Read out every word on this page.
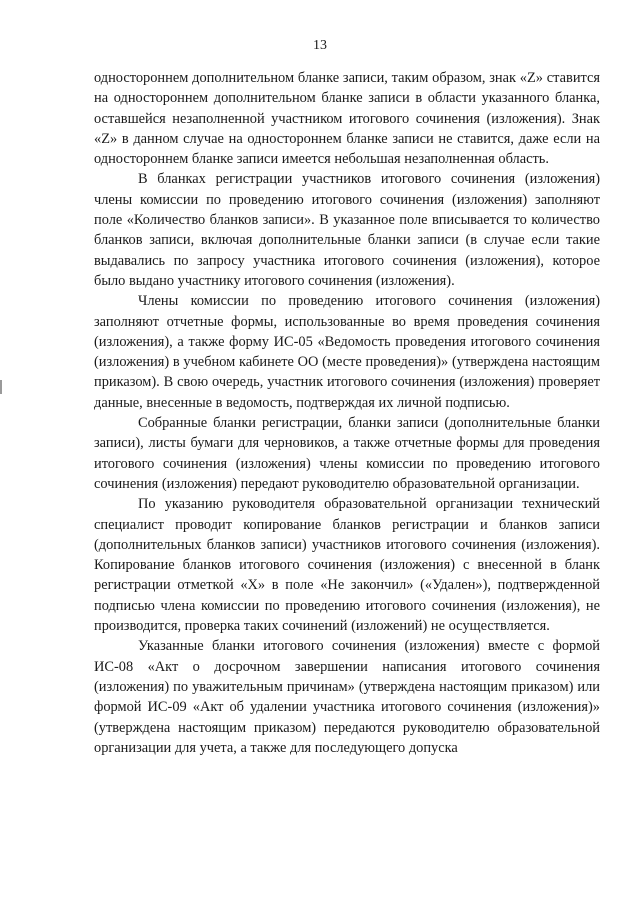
13

одностороннем дополнительном бланке записи, таким образом, знак «Z» ставится на одностороннем дополнительном бланке записи в области указанного бланка, оставшейся незаполненной участником итогового сочинения (изложения). Знак «Z» в данном случае на одностороннем бланке записи не ставится, даже если на одностороннем бланке записи имеется небольшая незаполненная область.

В бланках регистрации участников итогового сочинения (изложения) члены комиссии по проведению итогового сочинения (изложения) заполняют поле «Количество бланков записи». В указанное поле вписывается то количество бланков записи, включая дополнительные бланки записи (в случае если такие выдавались по запросу участника итогового сочинения (изложения), которое было выдано участнику итогового сочинения (изложения).

Члены комиссии по проведению итогового сочинения (изложения) заполняют отчетные формы, использованные во время проведения сочинения (изложения), а также форму ИС-05 «Ведомость проведения итогового сочинения (изложения) в учебном кабинете ОО (месте проведения)» (утверждена настоящим приказом). В свою очередь, участник итогового сочинения (изложения) проверяет данные, внесенные в ведомость, подтверждая их личной подписью.

Собранные бланки регистрации, бланки записи (дополнительные бланки записи), листы бумаги для черновиков, а также отчетные формы для проведения итогового сочинения (изложения) члены комиссии по проведению итогового сочинения (изложения) передают руководителю образовательной организации.

По указанию руководителя образовательной организации технический специалист проводит копирование бланков регистрации и бланков записи (дополнительных бланков записи) участников итогового сочинения (изложения). Копирование бланков итогового сочинения (изложения) с внесенной в бланк регистрации отметкой «X» в поле «Не закончил» («Удален»), подтвержденной подписью члена комиссии по проведению итогового сочинения (изложения), не производится, проверка таких сочинений (изложений) не осуществляется.

Указанные бланки итогового сочинения (изложения) вместе с формой ИС-08 «Акт о досрочном завершении написания итогового сочинения (изложения) по уважительным причинам» (утверждена настоящим приказом) или формой ИС-09 «Акт об удалении участника итогового сочинения (изложения)» (утверждена настоящим приказом) передаются руководителю образовательной организации для учета, а также для последующего допуска
